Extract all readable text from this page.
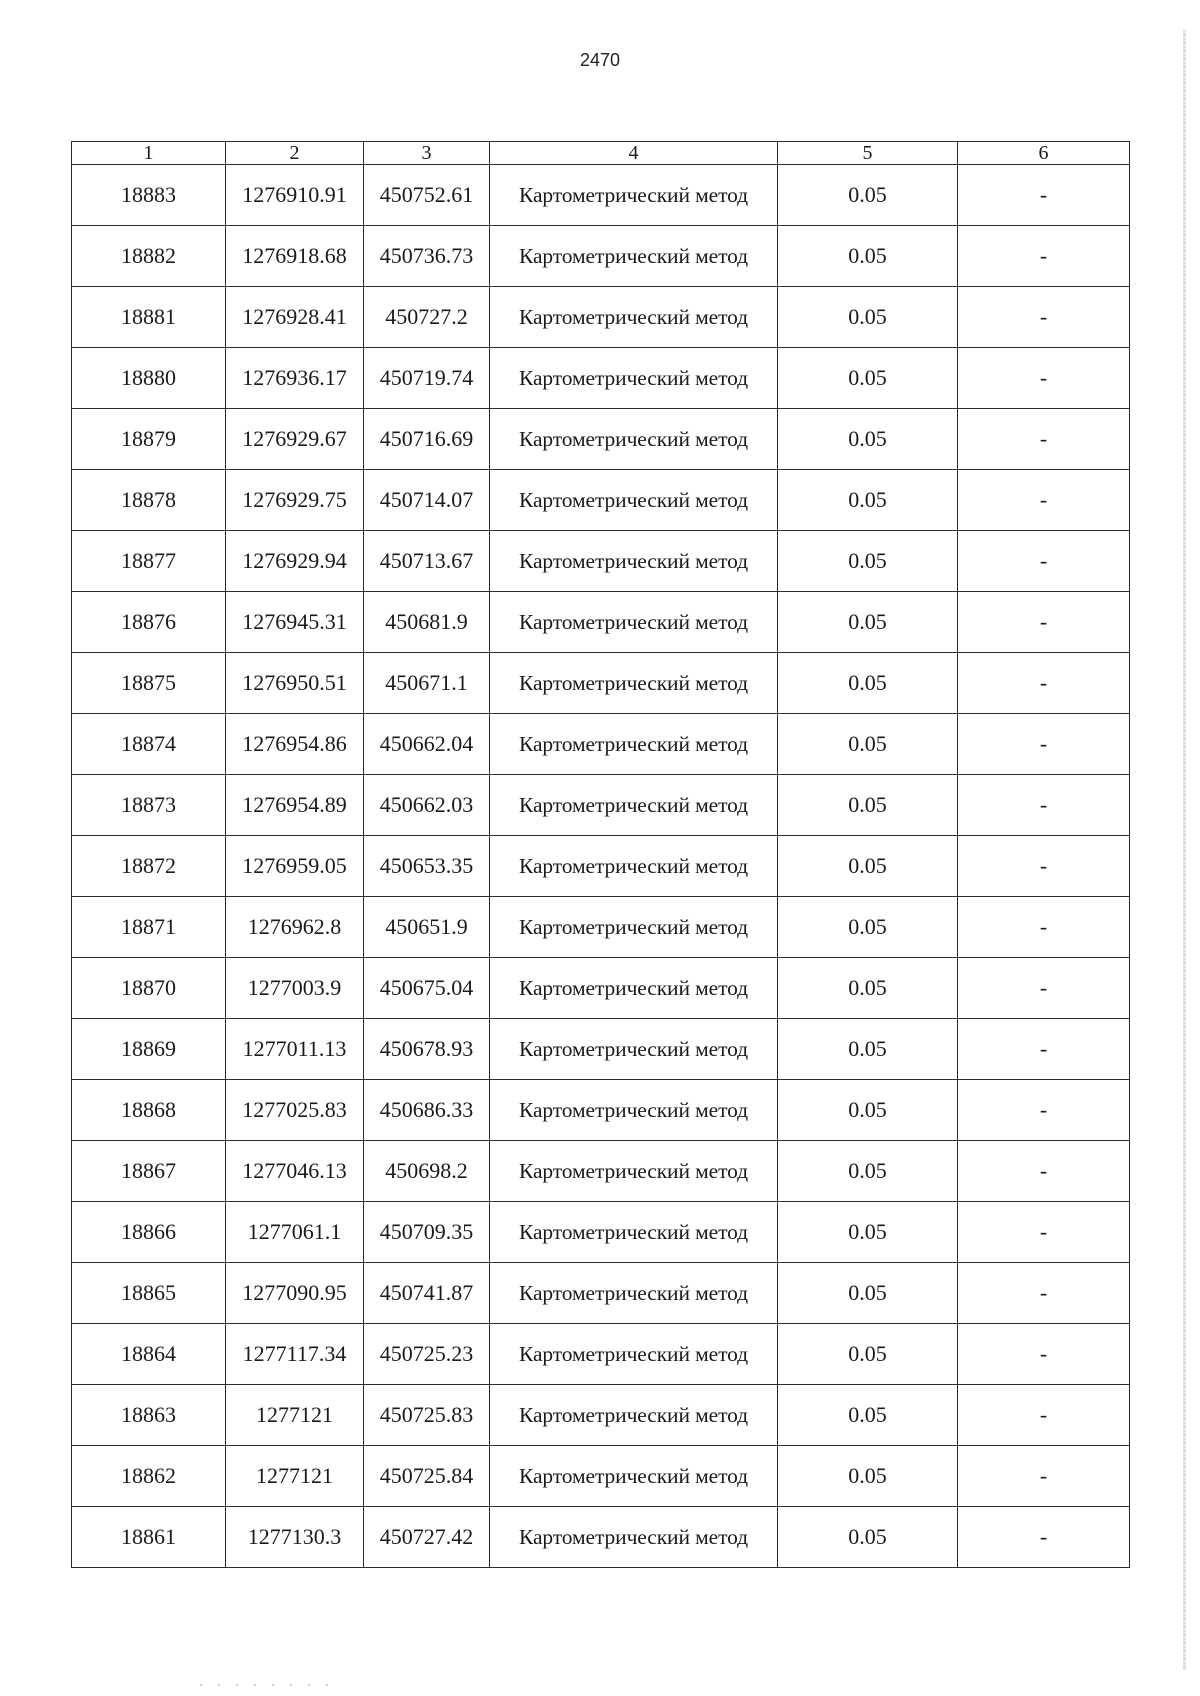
2470
1	2	3	4	5	6
18883	1276910.91	450752.61	Картометрический метод	0.05	-
18882	1276918.68	450736.73	Картометрический метод	0.05	-
18881	1276928.41	450727.2	Картометрический метод	0.05	-
18880	1276936.17	450719.74	Картометрический метод	0.05	-
18879	1276929.67	450716.69	Картометрический метод	0.05	-
18878	1276929.75	450714.07	Картометрический метод	0.05	-
18877	1276929.94	450713.67	Картометрический метод	0.05	-
18876	1276945.31	450681.9	Картометрический метод	0.05	-
18875	1276950.51	450671.1	Картометрический метод	0.05	-
18874	1276954.86	450662.04	Картометрический метод	0.05	-
18873	1276954.89	450662.03	Картометрический метод	0.05	-
18872	1276959.05	450653.35	Картометрический метод	0.05	-
18871	1276962.8	450651.9	Картометрический метод	0.05	-
18870	1277003.9	450675.04	Картометрический метод	0.05	-
18869	1277011.13	450678.93	Картометрический метод	0.05	-
18868	1277025.83	450686.33	Картометрический метод	0.05	-
18867	1277046.13	450698.2	Картометрический метод	0.05	-
18866	1277061.1	450709.35	Картометрический метод	0.05	-
18865	1277090.95	450741.87	Картометрический метод	0.05	-
18864	1277117.34	450725.23	Картометрический метод	0.05	-
18863	1277121	450725.83	Картометрический метод	0.05	-
18862	1277121	450725.84	Картометрический метод	0.05	-
18861	1277130.3	450727.42	Картометрический метод	0.05	-
